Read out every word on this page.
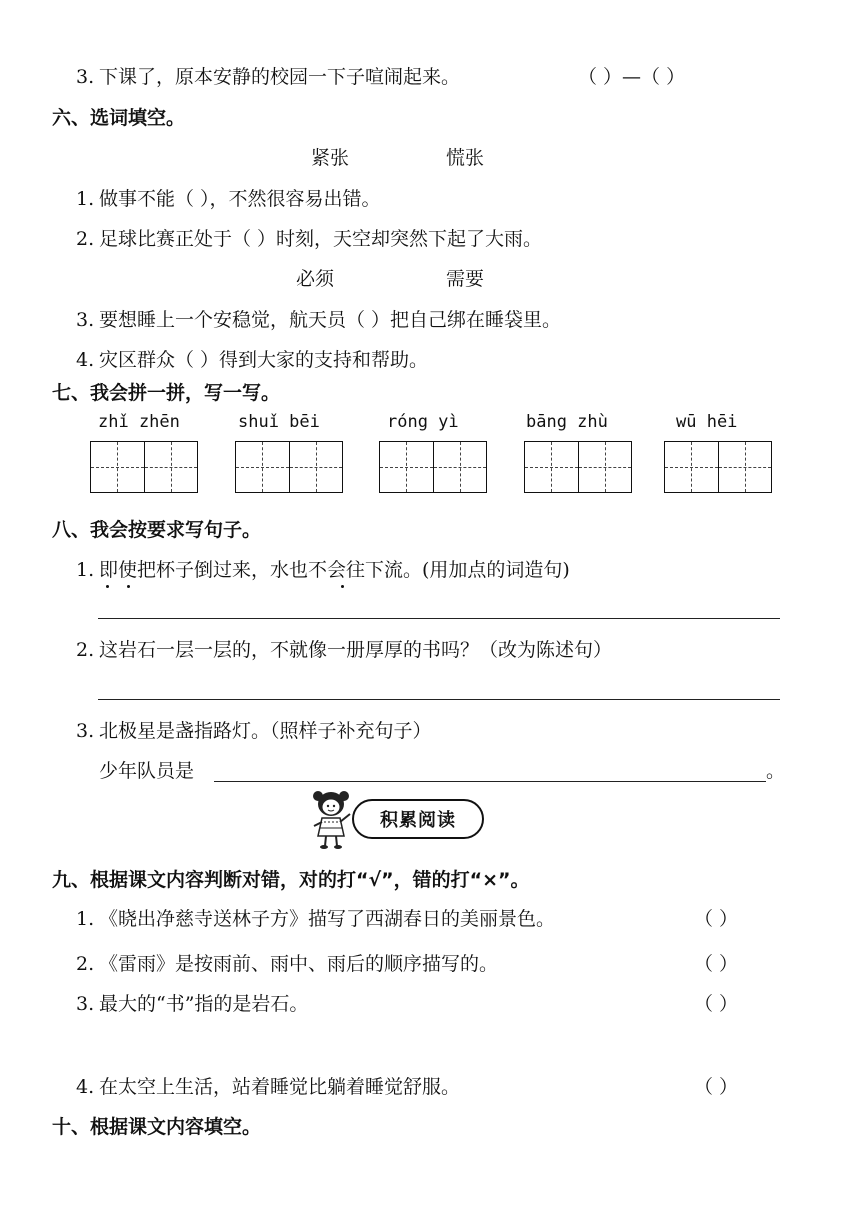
3. 下课了，原本安静的校园一下子喧闹起来。	（ ）—（ ）
六、选词填空。
紧张	慌张
1. 做事不能（ ），不然很容易出错。
2. 足球比赛正处于（ ）时刻，天空却突然下起了大雨。
必须	需要
3. 要想睡上一个安稳觉，航天员（ ）把自己绑在睡袋里。
4. 灾区群众（ ）得到大家的支持和帮助。
七、我会拼一拼，写一写。
zhǐ zhēn	shuǐ bēi	róng yì	bāng zhù	wū hēi
八、我会按要求写句子。
1. 即使把杯子倒过来，水也不会往下流。(用加点的词造句)
2. 这岩石一层一层的，不就像一册厚厚的书吗？（改为陈述句）
3. 北极星是盏指路灯。（照样子补充句子）
少年队员是	。
积累阅读
九、根据课文内容判断对错，对的打“√”，错的打“×”。
1. 《晓出净慈寺送林子方》描写了西湖春日的美丽景色。	（ ）
2. 《雷雨》是按雨前、雨中、雨后的顺序描写的。	（ ）
3. 最大的“书”指的是岩石。	（ ）
4. 在太空上生活，站着睡觉比躺着睡觉舒服。	（ ）
十、根据课文内容填空。
